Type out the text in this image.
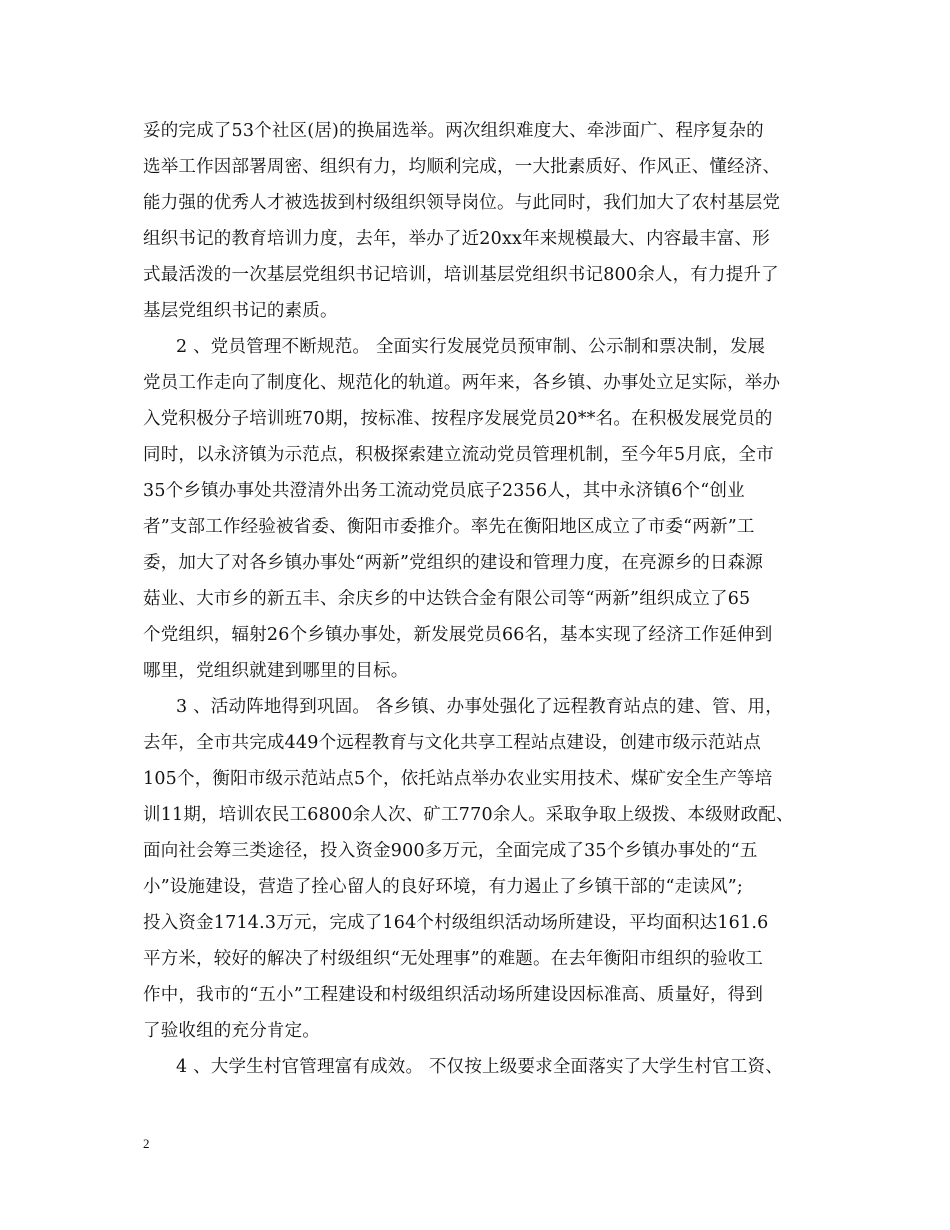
妥的完成了53个社区(居)的换届选举。两次组织难度大、牵涉面广、程序复杂的
选举工作因部署周密、组织有力，均顺利完成，一大批素质好、作风正、懂经济、
能力强的优秀人才被选拔到村级组织领导岗位。与此同时，我们加大了农村基层党
组织书记的教育培训力度，去年，举办了近20xx年来规模最大、内容最丰富、形
式最活泼的一次基层党组织书记培训，培训基层党组织书记800余人，有力提升了
基层党组织书记的素质。
2 、党员管理不断规范。 全面实行发展党员预审制、公示制和票决制，发展
党员工作走向了制度化、规范化的轨道。两年来，各乡镇、办事处立足实际，举办
入党积极分子培训班70期，按标准、按程序发展党员20**名。在积极发展党员的
同时，以永济镇为示范点，积极探索建立流动党员管理机制，至今年5月底，全市
35个乡镇办事处共澄清外出务工流动党员底子2356人，其中永济镇6个“创业
者”支部工作经验被省委、衡阳市委推介。率先在衡阳地区成立了市委“两新”工
委，加大了对各乡镇办事处“两新”党组织的建设和管理力度，在亮源乡的日森源
菇业、大市乡的新五丰、余庆乡的中达铁合金有限公司等“两新”组织成立了65
个党组织，辐射26个乡镇办事处，新发展党员66名，基本实现了经济工作延伸到
哪里，党组织就建到哪里的目标。
3 、活动阵地得到巩固。 各乡镇、办事处强化了远程教育站点的建、管、用，
去年，全市共完成449个远程教育与文化共享工程站点建设，创建市级示范站点
105个，衡阳市级示范站点5个，依托站点举办农业实用技术、煤矿安全生产等培
训11期，培训农民工6800余人次、矿工770余人。采取争取上级拨、本级财政配、
面向社会筹三类途径，投入资金900多万元，全面完成了35个乡镇办事处的“五
小”设施建设，营造了拴心留人的良好环境，有力遏止了乡镇干部的“走读风”;
投入资金1714.3万元，完成了164个村级组织活动场所建设，平均面积达161.6
平方米，较好的解决了村级组织“无处理事”的难题。在去年衡阳市组织的验收工
作中，我市的“五小”工程建设和村级组织活动场所建设因标准高、质量好，得到
了验收组的充分肯定。
4 、大学生村官管理富有成效。 不仅按上级要求全面落实了大学生村官工资、
2
